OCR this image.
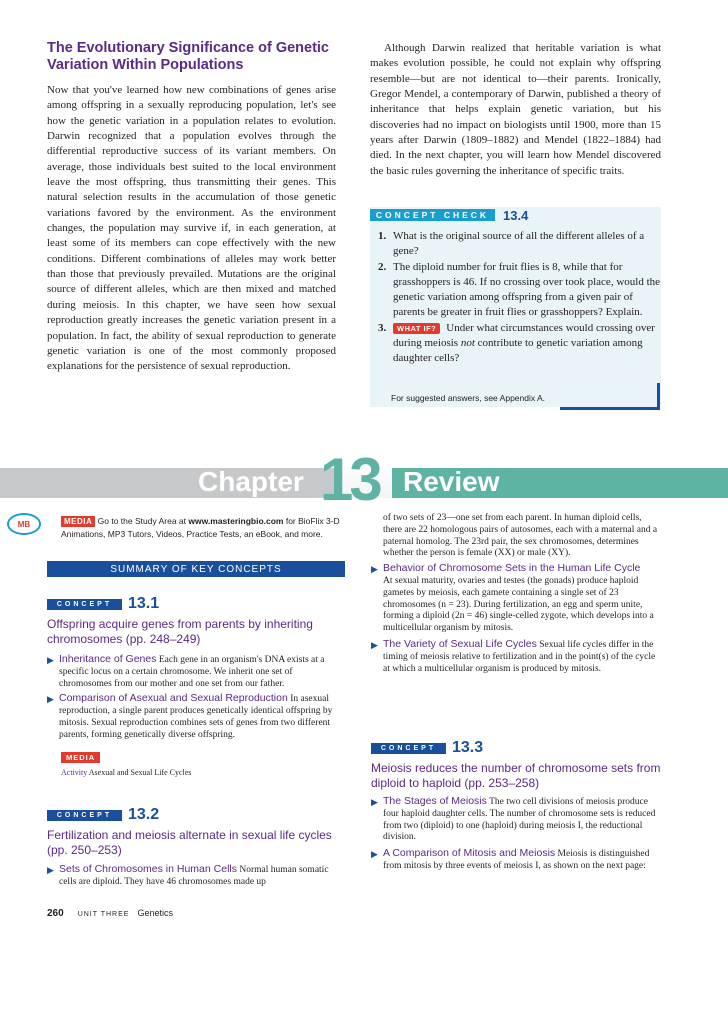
The Evolutionary Significance of Genetic Variation Within Populations

Now that you've learned how new combinations of genes arise among offspring in a sexually reproducing population, let's see how the genetic variation in a population relates to evolution. Darwin recognized that a population evolves through the differential reproductive success of its variant members. On average, those individuals best suited to the local environment leave the most offspring, thus transmitting their genes. This natural selection results in the accumulation of those genetic variations favored by the environment. As the environment changes, the population may survive if, in each generation, at least some of its members can cope effectively with the new conditions. Different combinations of alleles may work better than those that previously prevailed. Mutations are the original source of different alleles, which are then mixed and matched during meiosis. In this chapter, we have seen how sexual reproduction greatly increases the genetic variation present in a population. In fact, the ability of sexual reproduction to generate genetic variation is one of the most commonly proposed explanations for the persistence of sexual reproduction.

Although Darwin realized that heritable variation is what makes evolution possible, he could not explain why offspring resemble—but are not identical to—their parents. Ironically, Gregor Mendel, a contemporary of Darwin, published a theory of inheritance that helps explain genetic variation, but his discoveries had no impact on biologists until 1900, more than 15 years after Darwin (1809–1882) and Mendel (1822–1884) had died. In the next chapter, you will learn how Mendel discovered the basic rules governing the inheritance of specific traits.

CONCEPT CHECK	13.4
1. What is the original source of all the different alleles of a gene?
2. The diploid number for fruit flies is 8, while that for grasshoppers is 46. If no crossing over took place, would the genetic variation among offspring from a given pair of parents be greater in fruit flies or grasshoppers? Explain.
3.	WHAT IF? Under what circumstances would crossing over during meiosis not contribute to genetic variation among daughter cells?
For suggested answers, see Appendix A.
Chapter 13 Review
MB	MEDIA Go to the Study Area at www.masteringbio.com for BioFlix 3-D Animations, MP3 Tutors, Videos, Practice Tests, an eBook, and more.
SUMMARY OF KEY CONCEPTS
CONCEPT 13.1
Offspring acquire genes from parents by inheriting chromosomes (pp. 248–249)
▶ Inheritance of Genes Each gene in an organism's DNA exists at a specific locus on a certain chromosome. We inherit one set of chromosomes from our mother and one set from our father.
▶ Comparison of Asexual and Sexual Reproduction In asexual reproduction, a single parent produces genetically identical offspring by mitosis. Sexual reproduction combines sets of genes from two different parents, forming genetically diverse offspring.
MEDIA
Activity Asexual and Sexual Life Cycles
CONCEPT 13.2
Fertilization and meiosis alternate in sexual life cycles (pp. 250–253)
▶ Sets of Chromosomes in Human Cells Normal human somatic cells are diploid. They have 46 chromosomes made up
of two sets of 23—one set from each parent. In human diploid cells, there are 22 homologous pairs of autosomes, each with a maternal and a paternal homolog. The 23rd pair, the sex chromosomes, determines whether the person is female (XX) or male (XY).
▶ Behavior of Chromosome Sets in the Human Life Cycle
At sexual maturity, ovaries and testes (the gonads) produce haploid gametes by meiosis, each gamete containing a single set of 23 chromosomes (n = 23). During fertilization, an egg and sperm unite, forming a diploid (2n = 46) single-celled zygote, which develops into a multicellular organism by mitosis.
▶ The Variety of Sexual Life Cycles Sexual life cycles differ in the timing of meiosis relative to fertilization and in the point(s) of the cycle at which a multicellular organism is produced by mitosis.
CONCEPT 13.3
Meiosis reduces the number of chromosome sets from diploid to haploid (pp. 253–258)
▶ The Stages of Meiosis The two cell divisions of meiosis produce four haploid daughter cells. The number of chromosome sets is reduced from two (diploid) to one (haploid) during meiosis I, the reductional division.
▶ A Comparison of Mitosis and Meiosis Meiosis is distinguished from mitosis by three events of meiosis I, as shown on the next page:
260 UNIT THREE Genetics
